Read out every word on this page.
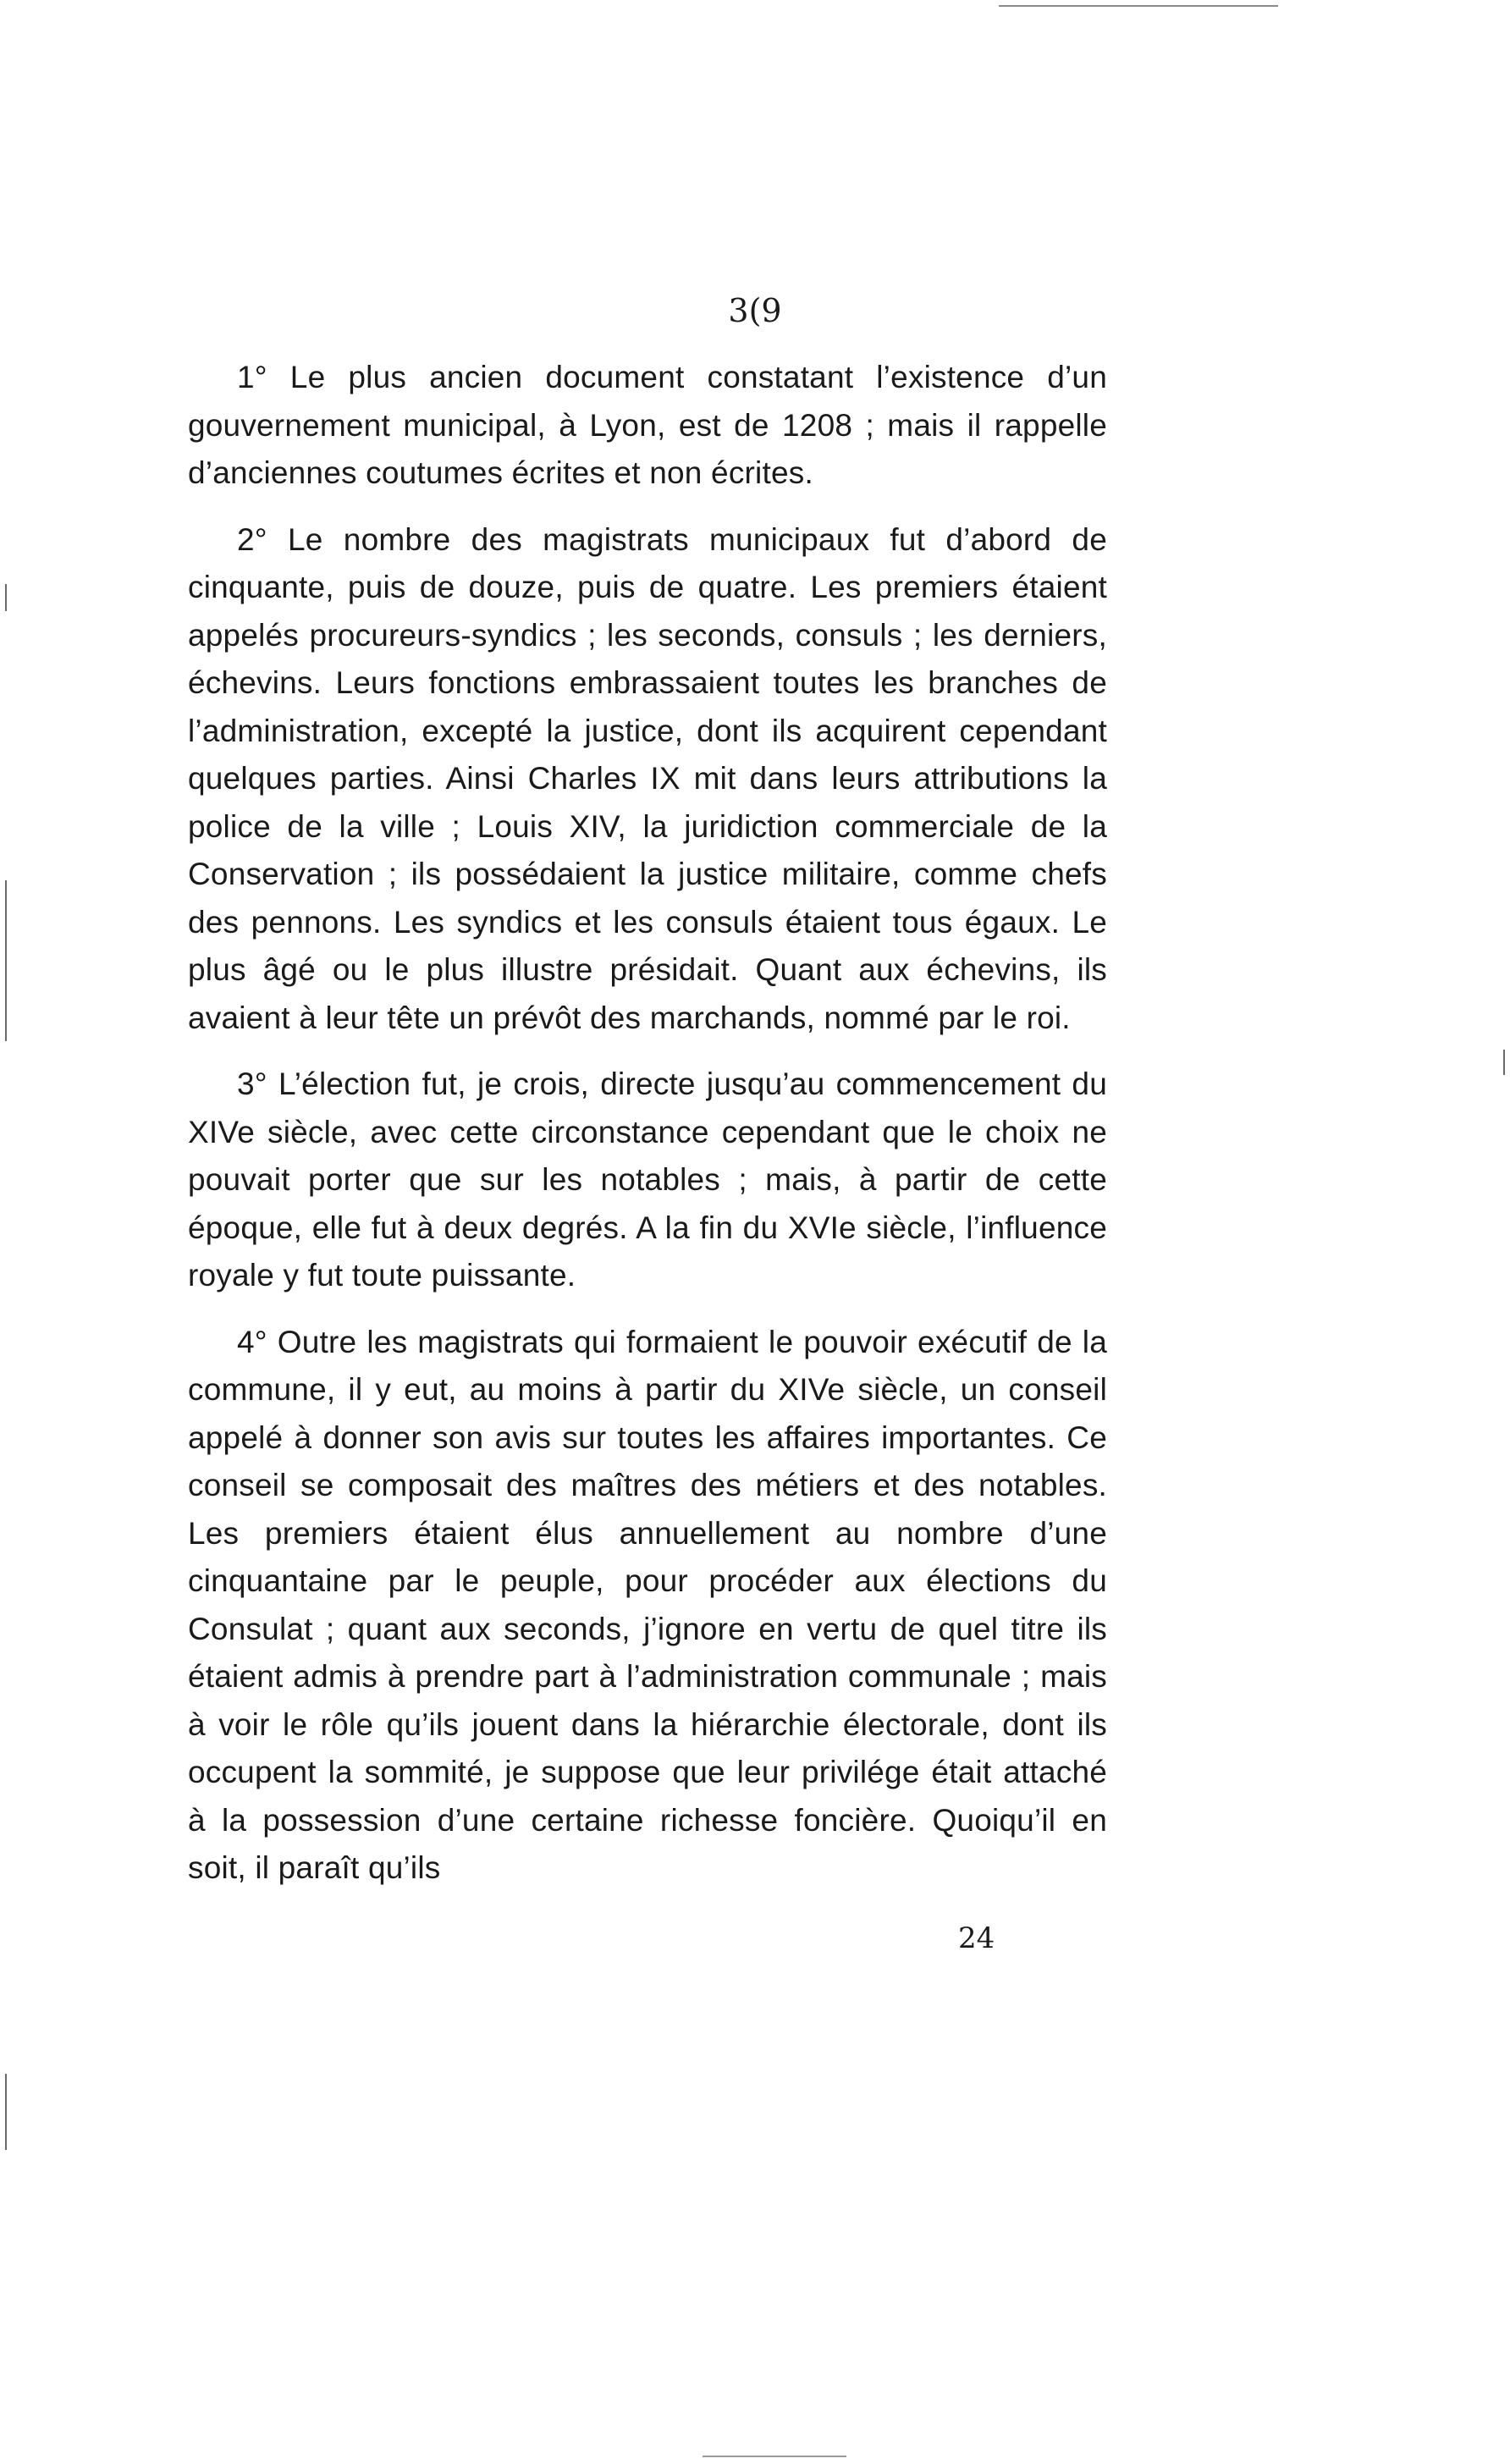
3(9

1° Le plus ancien document constatant l’existence d’un gouvernement municipal, à Lyon, est de 1208 ; mais il rappelle d’anciennes coutumes écrites et non écrites.

2° Le nombre des magistrats municipaux fut d’abord de cinquante, puis de douze, puis de quatre. Les premiers étaient appelés procureurs-syndics ; les seconds, consuls ; les derniers, échevins. Leurs fonctions embrassaient toutes les branches de l’administration, excepté la justice, dont ils acquirent cependant quelques parties. Ainsi Charles IX mit dans leurs attributions la police de la ville ; Louis XIV, la juridiction commerciale de la Conservation ; ils possédaient la justice militaire, comme chefs des pennons. Les syndics et les consuls étaient tous égaux. Le plus âgé ou le plus illustre présidait. Quant aux échevins, ils avaient à leur tête un prévôt des marchands, nommé par le roi.

3° L’élection fut, je crois, directe jusqu’au commencement du XIVe siècle, avec cette circonstance cependant que le choix ne pouvait porter que sur les notables ; mais, à partir de cette époque, elle fut à deux degrés. A la fin du XVIe siècle, l’influence royale y fut toute puissante.

4° Outre les magistrats qui formaient le pouvoir exécutif de la commune, il y eut, au moins à partir du XIVe siècle, un conseil appelé à donner son avis sur toutes les affaires importantes. Ce conseil se composait des maîtres des métiers et des notables. Les premiers étaient élus annuellement au nombre d’une cinquantaine par le peuple, pour procéder aux élections du Consulat ; quant aux seconds, j’ignore en vertu de quel titre ils étaient admis à prendre part à l’administration communale ; mais à voir le rôle qu’ils jouent dans la hiérarchie électorale, dont ils occupent la sommité, je suppose que leur privilége était attaché à la possession d’une certaine richesse foncière. Quoiqu’il en soit, il paraît qu’ils

24
